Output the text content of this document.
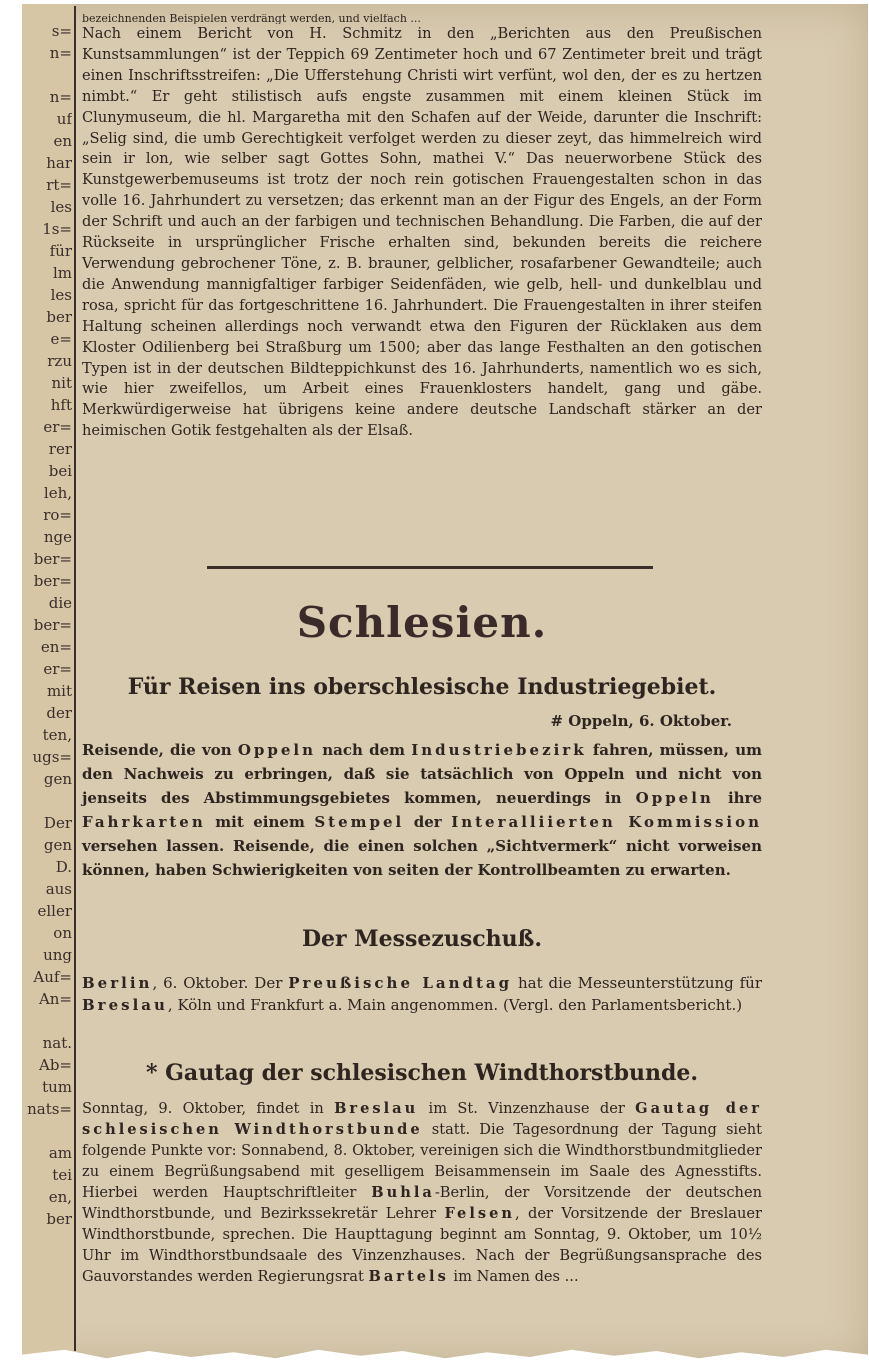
s=
n=
n=
uf
en
har
rt=
les
1s=
für
lm
les
ber
e=
rzu
nit
hft
er=
rer
bei
leh,
ro=
nge
ber=
ber=
die
ber=
en=
er=
mit
der
ten,
ugs=
gen
Der
gen
D.
aus
eller
on
ung
Auf=
An=
nat.
Ab=
tum
nats=
am
tei
en,
ber

bezeichnenden Beispielen verdrängt werden, und vielfach ...

Nach einem Bericht von H. Schmitz in den „Berichten aus den Preußischen Kunstsammlungen“ ist der Teppich 69 Zentimeter hoch und 67 Zentimeter breit und trägt einen Inschriftsstreifen: „Die Ufferstehung Christi wirt verfünt, wol den, der es zu hertzen nimbt.“ Er geht stilistisch aufs engste zusammen mit einem kleinen Stück im Clunymuseum, die hl. Margaretha mit den Schafen auf der Weide, darunter die Inschrift: „Selig sind, die umb Gerechtigkeit verfolget werden zu dieser zeyt, das himmelreich wird sein ir lon, wie selber sagt Gottes Sohn, mathei V.“ Das neuerworbene Stück des Kunstgewerbemuseums ist trotz der noch rein gotischen Frauengestalten schon in das volle 16. Jahrhundert zu versetzen; das erkennt man an der Figur des Engels, an der Form der Schrift und auch an der farbigen und technischen Behandlung. Die Farben, die auf der Rückseite in ursprünglicher Frische erhalten sind, bekunden bereits die reichere Verwendung gebrochener Töne, z. B. brauner, gelblicher, rosafarbener Gewandteile; auch die Anwendung mannigfaltiger farbiger Seidenfäden, wie gelb, hell- und dunkelblau und rosa, spricht für das fortgeschrittene 16. Jahrhundert. Die Frauengestalten in ihrer steifen Haltung scheinen allerdings noch verwandt etwa den Figuren der Rücklaken aus dem Kloster Odilienberg bei Straßburg um 1500; aber das lange Festhalten an den gotischen Typen ist in der deutschen Bildteppichkunst des 16. Jahrhunderts, namentlich wo es sich, wie hier zweifellos, um Arbeit eines Frauenklosters handelt, gang und gäbe. Merkwürdigerweise hat übrigens keine andere deutsche Landschaft stärker an der heimischen Gotik festgehalten als der Elsaß.

Schlesien.
Für Reisen ins oberschlesische Industriegebiet.
# Oppeln, 6. Oktober.
Reisende, die von Oppeln nach dem Industriebezirk fahren, müssen, um den Nachweis zu erbringen, daß sie tatsächlich von Oppeln und nicht von jenseits des Abstimmungsgebietes kommen, neuerdings in Oppeln ihre Fahrkarten mit einem Stempel der Interalliierten Kommission versehen lassen. Reisende, die einen solchen „Sichtvermerk“ nicht vorweisen können, haben Schwierigkeiten von seiten der Kontrollbeamten zu erwarten.
Der Messezuschuß.
Berlin, 6. Oktober. Der Preußische Landtag hat die Messeunterstützung für Breslau, Köln und Frankfurt a. Main angenommen. (Vergl. den Parlamentsbericht.)
* Gautag der schlesischen Windthorstbunde.
Sonntag, 9. Oktober, findet in Breslau im St. Vinzenzhause der Gautag der schlesischen Windthorstbunde statt. Die Tagesordnung der Tagung sieht folgende Punkte vor: Sonnabend, 8. Oktober, vereinigen sich die Windthorstbundmitglieder zu einem Begrüßungsabend mit geselligem Beisammensein im Saale des Agnesstifts. Hierbei werden Hauptschriftleiter Buhla-Berlin, der Vorsitzende der deutschen Windthorstbunde, und Bezirkssekretär Lehrer Felsen, der Vorsitzende der Breslauer Windthorstbunde, sprechen. Die Haupttagung beginnt am Sonntag, 9. Oktober, um 10½ Uhr im Windthorstbundsaale des Vinzenzhauses. Nach der Begrüßungsansprache des Gauvorstandes werden Regierungsrat Bartels im Namen des ...
